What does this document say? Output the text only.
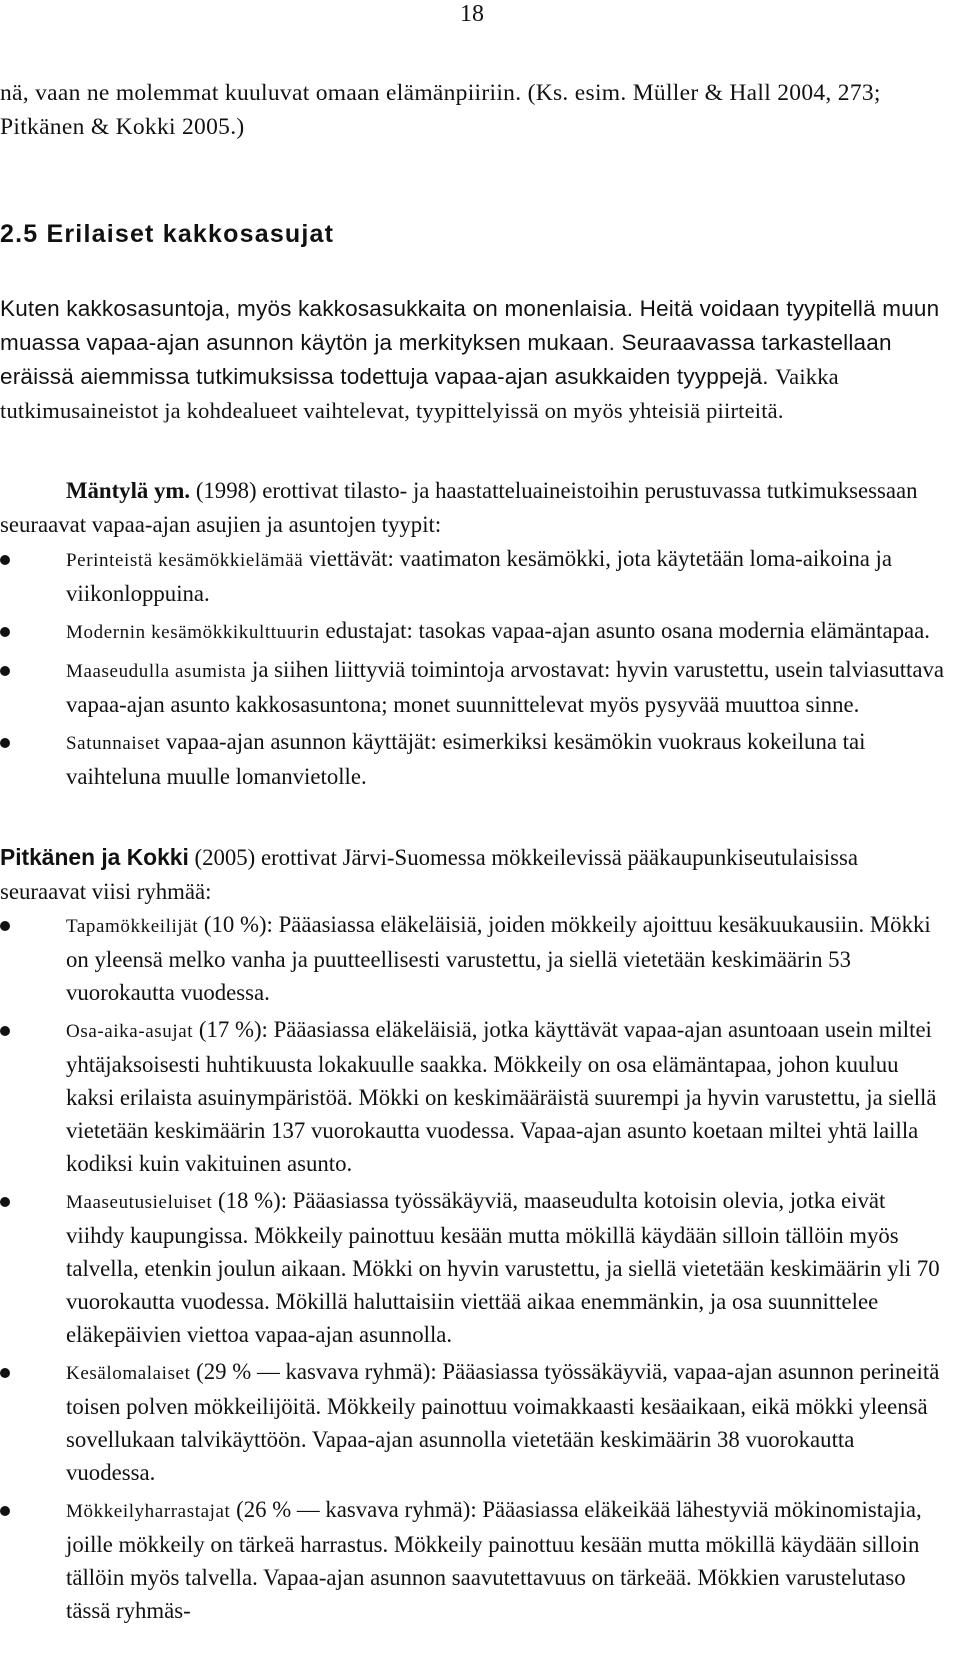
18
nä, vaan ne molemmat kuuluvat omaan elämänpiiriin. (Ks. esim. Müller & Hall 2004, 273; Pitkänen & Kokki 2005.)
2.5 Erilaiset kakkosasujat
Kuten kakkosasuntoja, myös kakkosasukkaita on monenlaisia. Heitä voidaan tyypitellä muun muassa vapaa-ajan asunnon käytön ja merkityksen mukaan. Seuraavassa tarkastellaan eräissä aiemmissa tutkimuksissa todettuja vapaa-ajan asukkaiden tyyppejä. Vaikka tutkimusaineistot ja kohdealueet vaihtelevat, tyypittelyissä on myös yhteisiä piirteitä.
Mäntylä ym. (1998) erottivat tilasto- ja haastatteluaineistoihin perustuvassa tutkimuksessaan seuraavat vapaa-ajan asujien ja asuntojen tyypit:
Perinteistä kesämökkielämää viettävät: vaatimaton kesämökki, jota käytetään loma-aikoina ja viikonloppuina.
Modernin kesämökkikulttuurin edustajat: tasokas vapaa-ajan asunto osana modernia elämäntapaa.
Maaseudulla asumista ja siihen liittyviä toimintoja arvostavat: hyvin varustettu, usein talviasuttava vapaa-ajan asunto kakkosasuntona; monet suunnittelevat myös pysyvää muuttoa sinne.
Satunnaiset vapaa-ajan asunnon käyttäjät: esimerkiksi kesämökin vuokraus kokeiluna tai vaihteluna muulle lomanvietolle.
Pitkänen ja Kokki (2005) erottivat Järvi-Suomessa mökkeilevissä pääkaupunkiseutulaisissa seuraavat viisi ryhmää:
Tapamökkeilijät (10 %): Pääasiassa eläkeläisiä, joiden mökkeily ajoittuu kesäkuukausiin. Mökki on yleensä melko vanha ja puutteellisesti varustettu, ja siellä vietetään keskimäärin 53 vuorokautta vuodessa.
Osa-aika-asujat (17 %): Pääasiassa eläkeläisiä, jotka käyttävät vapaa-ajan asuntoaan usein miltei yhtäjaksoisesti huhtikuusta lokakuulle saakka. Mökkeily on osa elämäntapaa, johon kuuluu kaksi erilaista asuinympäristöä. Mökki on keskimääräistä suurempi ja hyvin varustettu, ja siellä vietetään keskimäärin 137 vuorokautta vuodessa. Vapaa-ajan asunto koetaan miltei yhtä lailla kodiksi kuin vakituinen asunto.
Maaseutusieluiset (18 %): Pääasiassa työssäkäyviä, maaseudulta kotoisin olevia, jotka eivät viihdy kaupungissa. Mökkeily painottuu kesään mutta mökillä käydään silloin tällöin myös talvella, etenkin joulun aikaan. Mökki on hyvin varustettu, ja siellä vietetään keskimäärin yli 70 vuorokautta vuodessa. Mökillä haluttaisiin viettää aikaa enemmänkin, ja osa suunnittelee eläkepäivien viettoa vapaa-ajan asunnolla.
Kesälomalaiset (29 % — kasvava ryhmä): Pääasiassa työssäkäyviä, vapaa-ajan asunnon perineitä toisen polven mökkeilijöitä. Mökkeily painottuu voimakkaasti kesäaikaan, eikä mökki yleensä sovellukaan talvikäyttöön. Vapaa-ajan asunnolla vietetään keskimäärin 38 vuorokautta vuodessa.
Mökkeilyharrastajat (26 % — kasvava ryhmä): Pääasiassa eläkeikää lähestyviä mökinomistajia, joille mökkeily on tärkeä harrastus. Mökkeily painottuu kesään mutta mökillä käydään silloin tällöin myös talvella. Vapaa-ajan asunnon saavutettavuus on tärkeää. Mökkien varustelutaso tässä ryhmäs-
